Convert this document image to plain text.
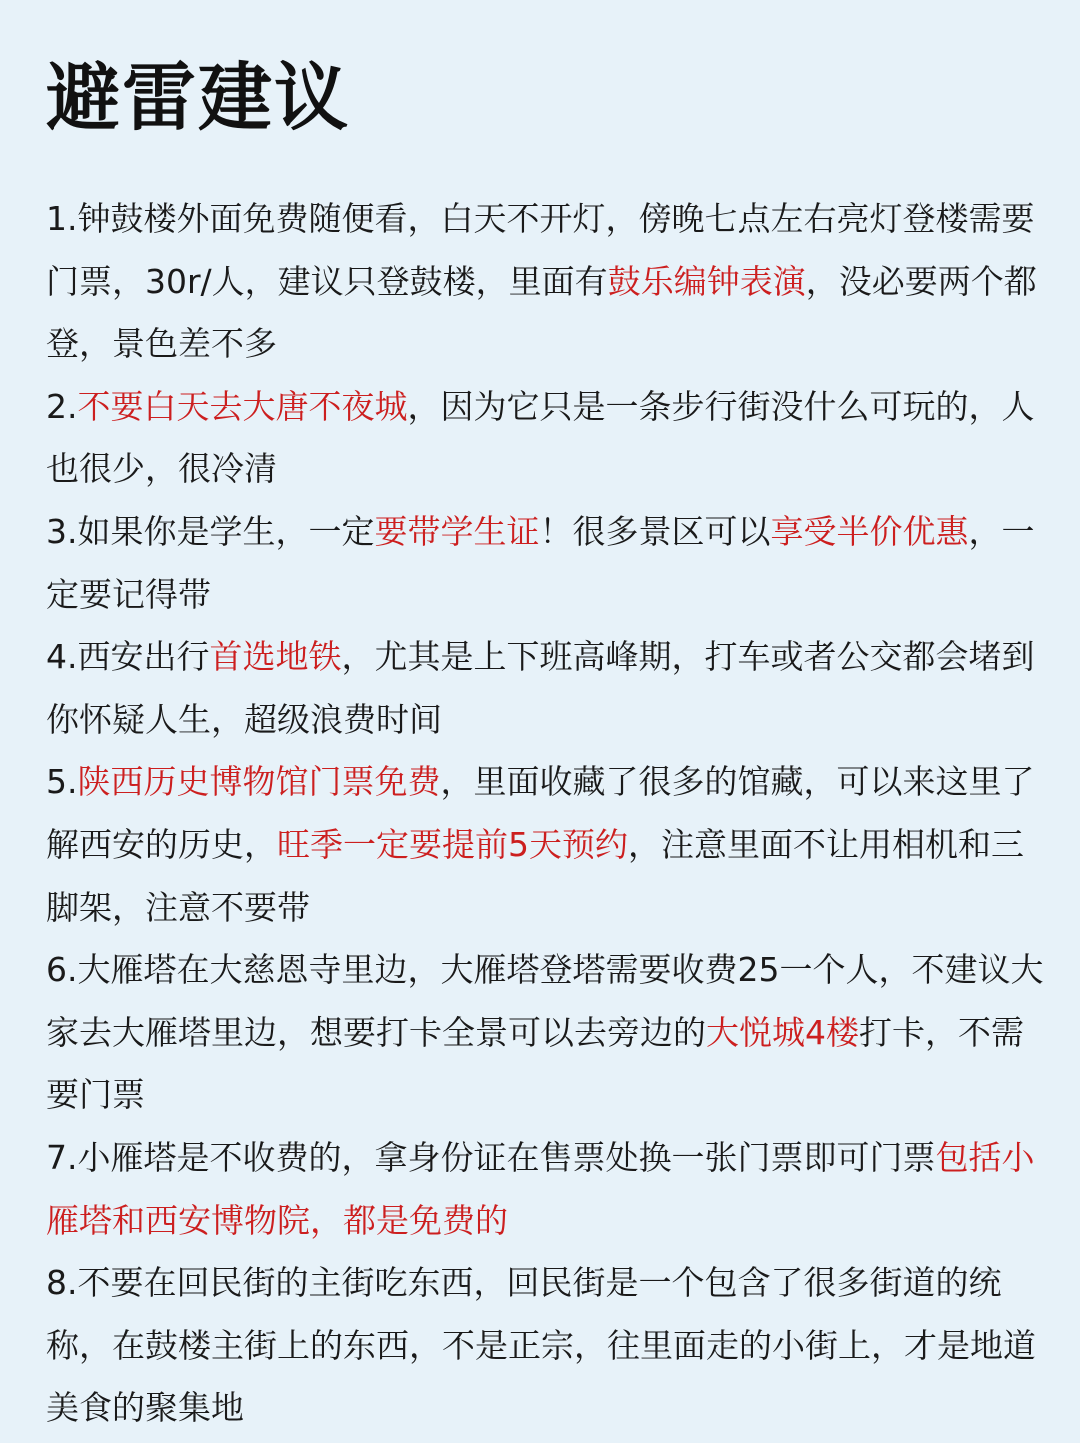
避雷建议
1.钟鼓楼外面免费随便看，白天不开灯，傍晚七点左右亮灯登楼需要门票，30r/人，建议只登鼓楼，里面有鼓乐编钟表演，没必要两个都登，景色差不多
2.不要白天去大唐不夜城，因为它只是一条步行街没什么可玩的，人也很少，很冷清
3.如果你是学生，一定要带学生证！很多景区可以享受半价优惠，一定要记得带
4.西安出行首选地铁，尤其是上下班高峰期，打车或者公交都会堵到你怀疑人生，超级浪费时间
5.陕西历史博物馆门票免费，里面收藏了很多的馆藏，可以来这里了解西安的历史，旺季一定要提前5天预约，注意里面不让用相机和三脚架，注意不要带
6.大雁塔在大慈恩寺里边，大雁塔登塔需要收费25一个人，不建议大家去大雁塔里边，想要打卡全景可以去旁边的大悦城4楼打卡，不需要门票
7.小雁塔是不收费的，拿身份证在售票处换一张门票即可门票包括小雁塔和西安博物院，都是免费的
8.不要在回民街的主街吃东西，回民街是一个包含了很多街道的统称，在鼓楼主街上的东西，不是正宗，往里面走的小街上，才是地道美食的聚集地
